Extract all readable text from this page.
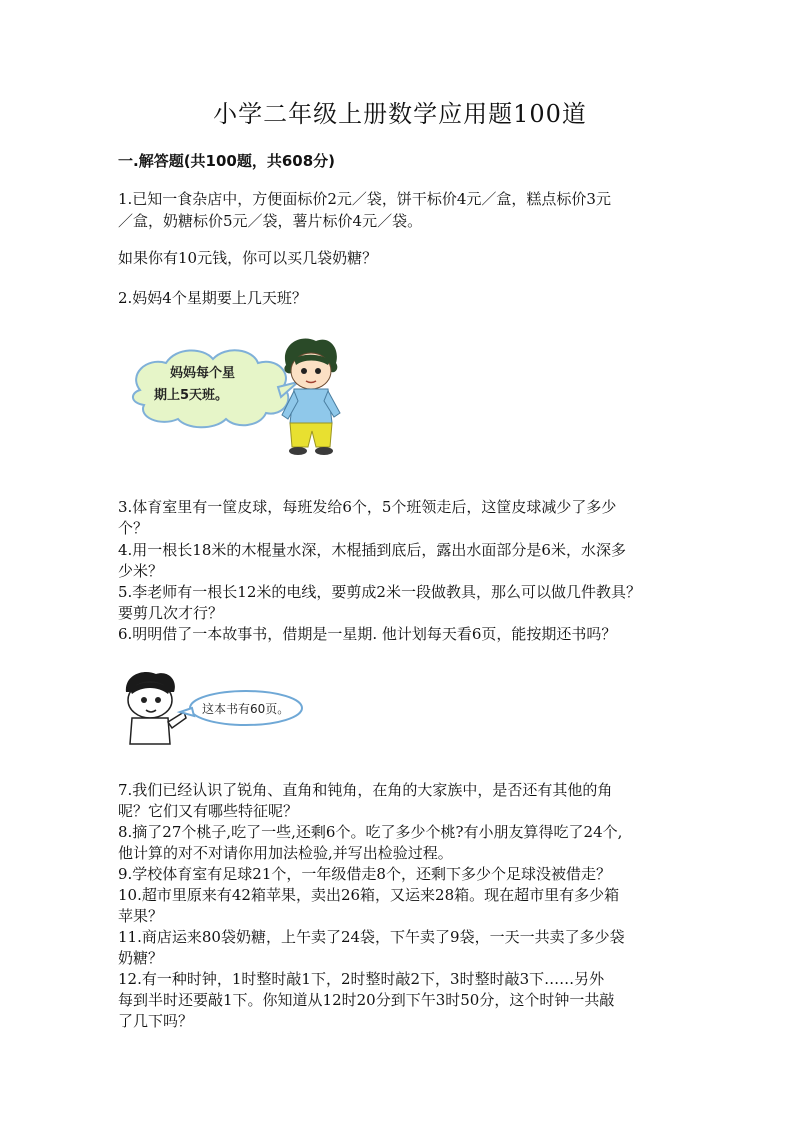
小学二年级上册数学应用题100道
一.解答题(共100题，共608分)
1.已知一食杂店中，方便面标价2元／袋，饼干标价4元／盒，糕点标价3元
／盒，奶糖标价5元／袋，薯片标价4元／袋。
如果你有10元钱，你可以买几袋奶糖？
2.妈妈4个星期要上几天班？
妈妈每个星
期上5天班。
3.体育室里有一筐皮球，每班发给6个，5个班领走后，这筐皮球减少了多少
个？
4.用一根长18米的木棍量水深，木棍插到底后，露出水面部分是6米，水深多
少米？
5.李老师有一根长12米的电线，要剪成2米一段做教具，那么可以做几件教具？
要剪几次才行？
6.明明借了一本故事书，借期是一星期. 他计划每天看6页，能按期还书吗？
这本书有60页。
7.我们已经认识了锐角、直角和钝角，在角的大家族中，是否还有其他的角
呢？它们又有哪些特征呢？
8.摘了27个桃子,吃了一些,还剩6个。吃了多少个桃?有小朋友算得吃了24个,
他计算的对不对请你用加法检验,并写出检验过程。
9.学校体育室有足球21个，一年级借走8个，还剩下多少个足球没被借走？
10.超市里原来有42箱苹果，卖出26箱，又运来28箱。现在超市里有多少箱
苹果？
11.商店运来80袋奶糖，上午卖了24袋，下午卖了9袋，一天一共卖了多少袋
奶糖？
12.有一种时钟，1时整时敲1下，2时整时敲2下，3时整时敲3下……另外
每到半时还要敲1下。你知道从12时20分到下午3时50分，这个时钟一共敲
了几下吗？
